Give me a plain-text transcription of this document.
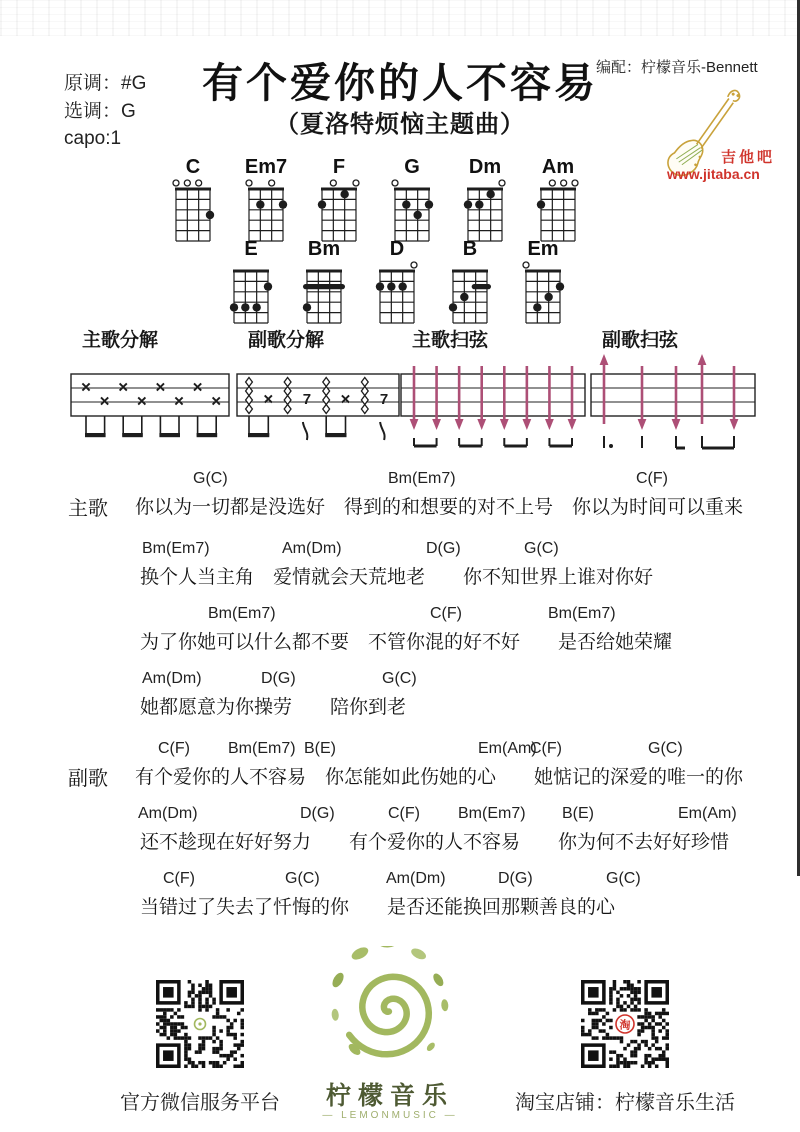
原调：#G
选调：G
capo:1
有个爱你的人不容易
（夏洛特烦恼主题曲）
编配：柠檬音乐-Bennett
吉他吧
www.jitaba.cn
C Em7 F	G Dm Am
E	Bm D	B	Em
主歌分解	副歌分解
7	7
主歌扫弦	副歌扫弦
主歌
G(C)	Bm(Em7)	C(F)
你以为一切都是没选好　得到的和想要的对不上号　你以为时间可以重来
Bm(Em7)	Am(Dm)	D(G)	G(C)
换个人当主角　爱情就会天荒地老　　你不知世界上谁对你好
Bm(Em7)	C(F)	Bm(Em7)
为了你她可以什么都不要　不管你混的好不好　　是否给她荣耀
Am(Dm)	D(G)	G(C)
她都愿意为你操劳　　陪你到老
副歌
C(F) Bm(Em7) B(E)	Em(Am)
C(F)	G(C)
有个爱你的人不容易　你怎能如此伤她的心　　她惦记的深爱的唯一的你
Am(Dm)	D(G)	C(F) Bm(Em7) B(E)	Em(Am)
还不趁现在好好努力　　有个爱你的人不容易　　你为何不去好好珍惜
C(F)	G(C)	Am(Dm)	D(G)	G(C)
当错过了失去了忏悔的你　　是否还能换回那颗善良的心
官方微信服务平台	柠檬音乐
— LEMONMUSIC —
淘
淘宝店铺：柠檬音乐生活
